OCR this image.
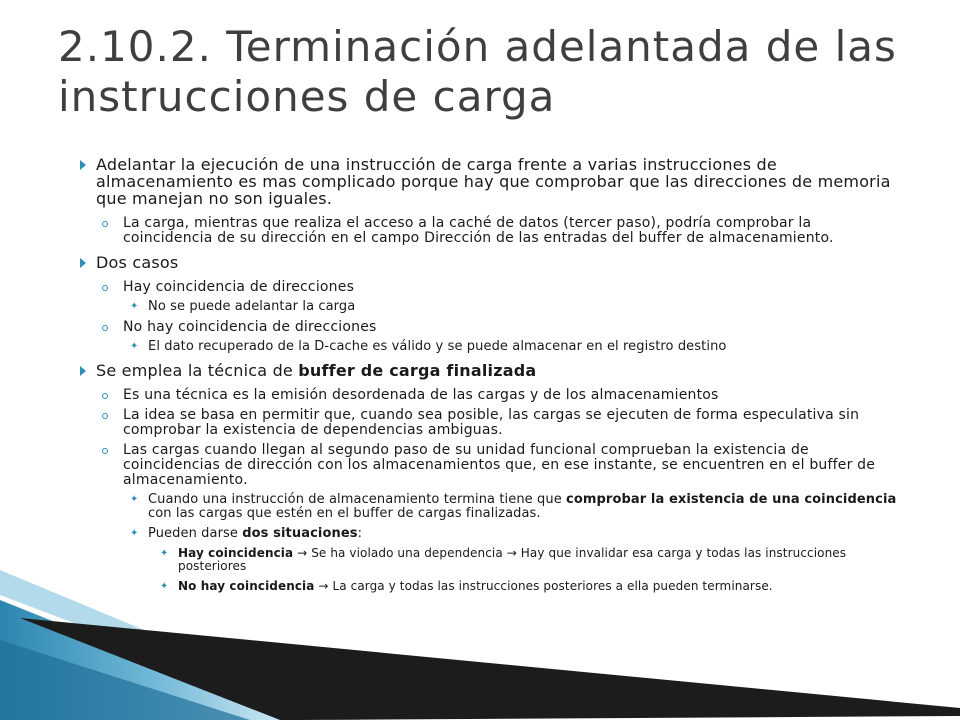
2.10.2. Terminación adelantada de las instrucciones de carga
Adelantar la ejecución de una instrucción de carga frente a varias instrucciones de almacenamiento es mas complicado porque hay que comprobar que las direcciones de memoria que manejan no son iguales.
La carga, mientras que realiza el acceso a la caché de datos (tercer paso), podría comprobar la coincidencia de su dirección en el campo Dirección de las entradas del buffer de almacenamiento.
Dos casos
Hay coincidencia de direcciones
✦ No se puede adelantar la carga
No hay coincidencia de direcciones
✦ El dato recuperado de la D-cache es válido y se puede almacenar en el registro destino
Se emplea la técnica de buffer de carga finalizada
Es una técnica es la emisión desordenada de las cargas y de los almacenamientos
La idea se basa en permitir que, cuando sea posible, las cargas se ejecuten de forma especulativa sin comprobar la existencia de dependencias ambiguas.
Las cargas cuando llegan al segundo paso de su unidad funcional comprueban la existencia de coincidencias de dirección con los almacenamientos que, en ese instante, se encuentren en el buffer de almacenamiento.
✦ Cuando una instrucción de almacenamiento termina tiene que comprobar la existencia de una coincidencia con las cargas que estén en el buffer de cargas finalizadas.
✦ Pueden darse dos situaciones:
✦ Hay coincidencia → Se ha violado una dependencia → Hay que invalidar esa carga y todas las instrucciones posteriores
✦ No hay coincidencia → La carga y todas las instrucciones posteriores a ella pueden terminarse.
